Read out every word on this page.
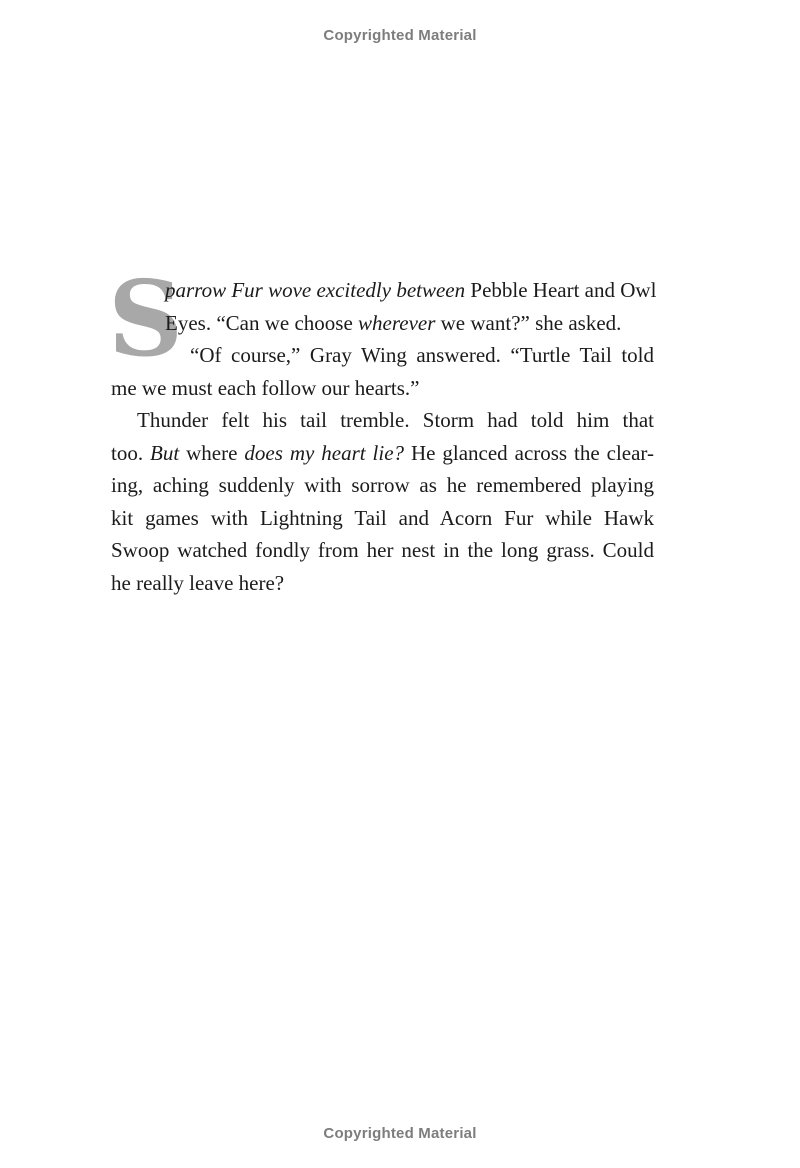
Copyrighted Material
S
parrow Fur wove excitedly between Pebble Heart and Owl
Eyes. “Can we choose wherever we want?” she asked.
“Of course,” Gray Wing answered. “Turtle Tail told
me we must each follow our hearts.”
Thunder felt his tail tremble. Storm had told him that
too. But where does my heart lie? He glanced across the clear-
ing, aching suddenly with sorrow as he remembered playing
kit games with Lightning Tail and Acorn Fur while Hawk
Swoop watched fondly from her nest in the long grass. Could
he really leave here?
Copyrighted Material
